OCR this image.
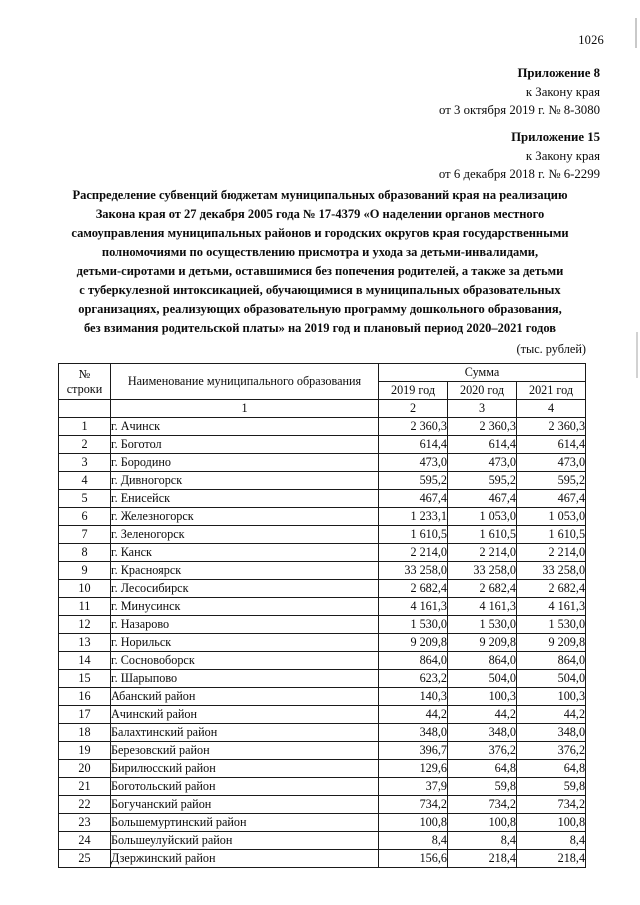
1026
Приложение 8
к Закону края
от 3 октября 2019 г. № 8-3080
Приложение 15
к Закону края
от 6 декабря 2018 г. № 6-2299
Распределение субвенций бюджетам муниципальных образований края на реализацию
Закона края от 27 декабря 2005 года № 17-4379 «О наделении органов местного
самоуправления муниципальных районов и городских округов края государственными
полномочиями по осуществлению присмотра и ухода за детьми-инвалидами,
детьми-сиротами и детьми, оставшимися без попечения родителей, а также за детьми
с туберкулезной интоксикацией, обучающимися в муниципальных образовательных
организациях, реализующих образовательную программу дошкольного образования,
без взимания родительской платы» на 2019 год и плановый период 2020–2021 годов
(тыс. рублей)
№
строки	Наименование муниципального образования	Сумма		
		2019 год	2020 год	2021 год
	1	2	3	4
1	г. Ачинск	2 360,3	2 360,3	2 360,3
2	г. Боготол	614,4	614,4	614,4
3	г. Бородино	473,0	473,0	473,0
4	г. Дивногорск	595,2	595,2	595,2
5	г. Енисейск	467,4	467,4	467,4
6	г. Железногорск	1 233,1	1 053,0	1 053,0
7	г. Зеленогорск	1 610,5	1 610,5	1 610,5
8	г. Канск	2 214,0	2 214,0	2 214,0
9	г. Красноярск	33 258,0	33 258,0	33 258,0
10	г. Лесосибирск	2 682,4	2 682,4	2 682,4
11	г. Минусинск	4 161,3	4 161,3	4 161,3
12	г. Назарово	1 530,0	1 530,0	1 530,0
13	г. Норильск	9 209,8	9 209,8	9 209,8
14	г. Сосновоборск	864,0	864,0	864,0
15	г. Шарыпово	623,2	504,0	504,0
16	Абанский район	140,3	100,3	100,3
17	Ачинский район	44,2	44,2	44,2
18	Балахтинский район	348,0	348,0	348,0
19	Березовский район	396,7	376,2	376,2
20	Бирилюсский район	129,6	64,8	64,8
21	Боготольский район	37,9	59,8	59,8
22	Богучанский район	734,2	734,2	734,2
23	Большемуртинский район	100,8	100,8	100,8
24	Большеулуйский район	8,4	8,4	8,4
25	Дзержинский район	156,6	218,4	218,4
